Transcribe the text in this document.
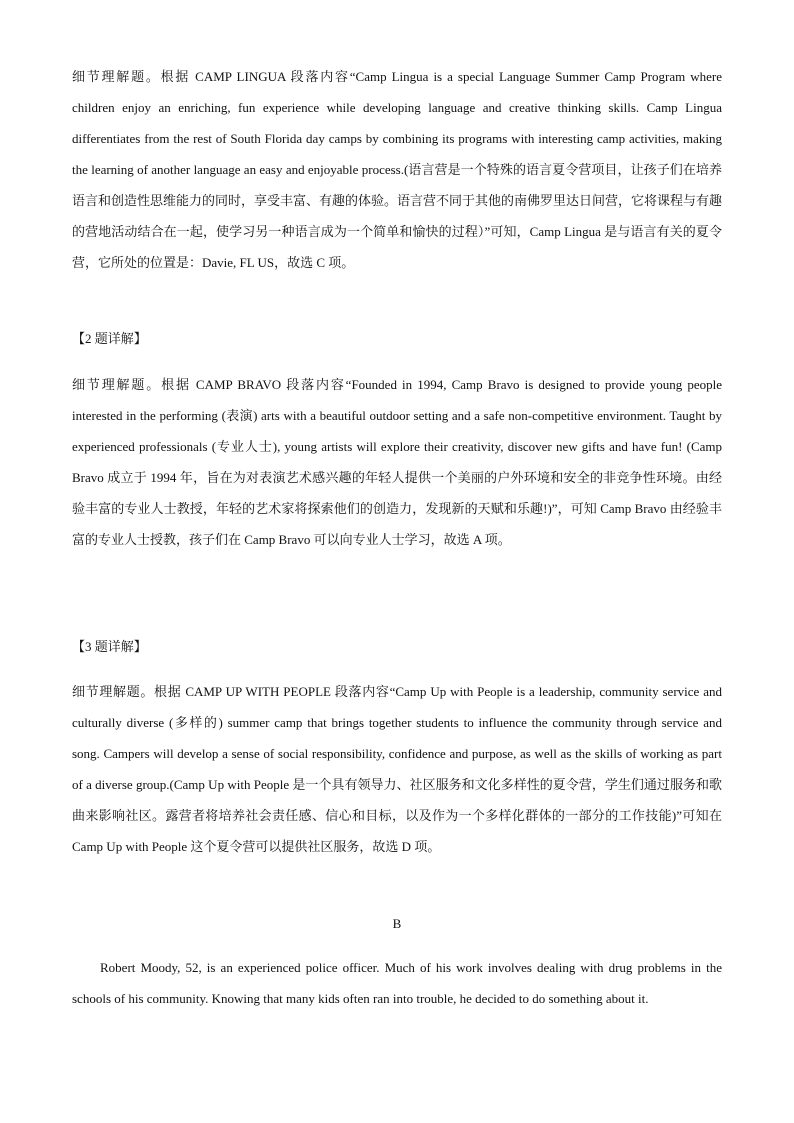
细节理解题。根据 CAMP LINGUA 段落内容“Camp Lingua is a special Language Summer Camp Program where children enjoy an enriching, fun experience while developing language and creative thinking skills. Camp Lingua differentiates from the rest of South Florida day camps by combining its programs with interesting camp activities, making the learning of another language an easy and enjoyable process.(语言营是一个特殊的语言夏令营项目，让孩子们在培养语言和创造性思维能力的同时，享受丰富、有趣的体验。语言营不同于其他的南佛罗里达日间营，它将课程与有趣的营地活动结合在一起，使学习另一种语言成为一个简单和愉快的过程）”可知，Camp Lingua 是与语言有关的夏令营，它所处的位置是：Davie, FL US，故选 C 项。

【2 题详解】

细节理解题。根据 CAMP BRAVO 段落内容“Founded in 1994, Camp Bravo is designed to provide young people interested in the performing (表演) arts with a beautiful outdoor setting and a safe non-competitive environment. Taught by experienced professionals (专业人士), young artists will explore their creativity, discover new gifts and have fun! (Camp Bravo 成立于 1994 年，旨在为对表演艺术感兴趣的年轻人提供一个美丽的户外环境和安全的非竞争性环境。由经验丰富的专业人士教授，年轻的艺术家将探索他们的创造力，发现新的天赋和乐趣!)”，可知 Camp Bravo 由经验丰富的专业人士授教，孩子们在 Camp Bravo 可以向专业人士学习，故选 A 项。

【3 题详解】

细节理解题。根据 CAMP UP WITH PEOPLE 段落内容“Camp Up with People is a leadership, community service and culturally diverse (多样的) summer camp that brings together students to influence the community through service and song. Campers will develop a sense of social responsibility, confidence and purpose, as well as the skills of working as part of a diverse group.(Camp Up with People 是一个具有领导力、社区服务和文化多样性的夏令营，学生们通过服务和歌曲来影响社区。露营者将培养社会责任感、信心和目标，以及作为一个多样化群体的一部分的工作技能)”可知在 Camp Up with People 这个夏令营可以提供社区服务，故选 D 项。

B

Robert Moody, 52, is an experienced police officer. Much of his work involves dealing with drug problems in the schools of his community. Knowing that many kids often ran into trouble, he decided to do something about it.
